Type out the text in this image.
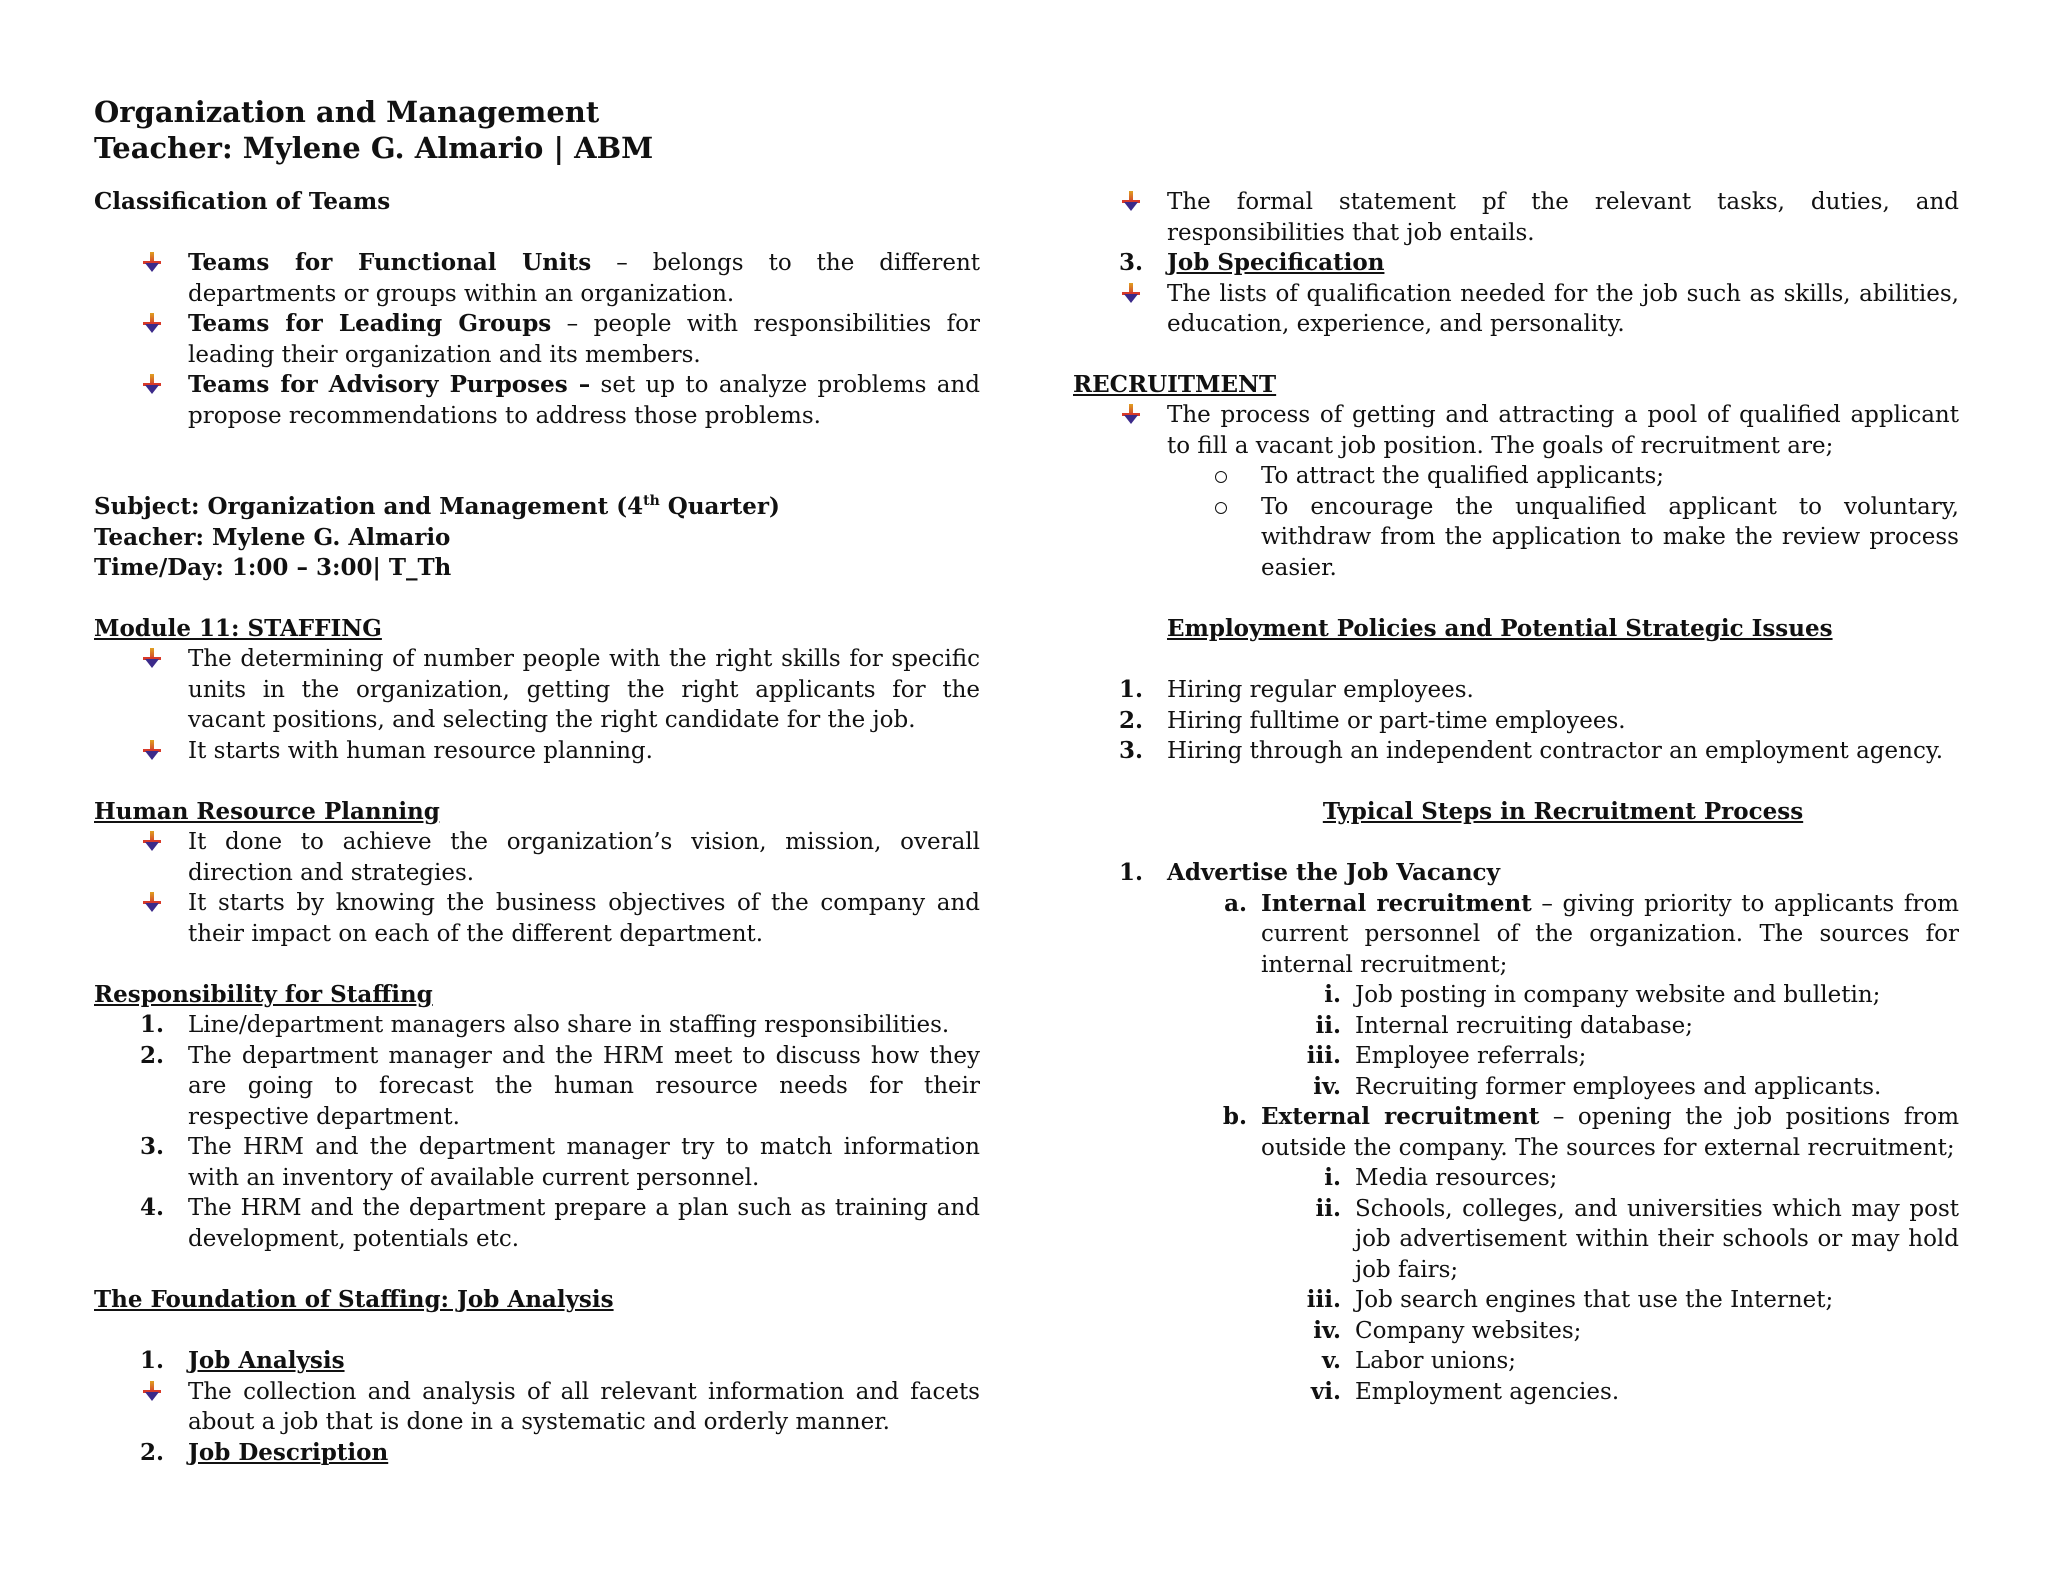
Organization and Management
Teacher: Mylene G. Almario | ABM
Classification of Teams
Teams for Functional Units – belongs to the different departments or groups within an organization.
Teams for Leading Groups – people with responsibilities for leading their organization and its members.
Teams for Advisory Purposes – set up to analyze problems and propose recommendations to address those problems.
Subject: Organization and Management (4th Quarter)
Teacher: Mylene G. Almario
Time/Day: 1:00 – 3:00| T_Th
Module 11: STAFFING
The determining of number people with the right skills for specific units in the organization, getting the right applicants for the vacant positions, and selecting the right candidate for the job.
It starts with human resource planning.
Human Resource Planning
It done to achieve the organization’s vision, mission, overall direction and strategies.
It starts by knowing the business objectives of the company and their impact on each of the different department.
Responsibility for Staffing
1. Line/department managers also share in staffing responsibilities.
2. The department manager and the HRM meet to discuss how they are going to forecast the human resource needs for their respective department.
3. The HRM and the department manager try to match information with an inventory of available current personnel.
4. The HRM and the department prepare a plan such as training and development, potentials etc.
The Foundation of Staffing: Job Analysis
1. Job Analysis
The collection and analysis of all relevant information and facets about a job that is done in a systematic and orderly manner.
2. Job Description
The formal statement pf the relevant tasks, duties, and responsibilities that job entails.
3. Job Specification
The lists of qualification needed for the job such as skills, abilities, education, experience, and personality.
RECRUITMENT
The process of getting and attracting a pool of qualified applicant to fill a vacant job position. The goals of recruitment are;
To attract the qualified applicants;
To encourage the unqualified applicant to voluntary, withdraw from the application to make the review process easier.
Employment Policies and Potential Strategic Issues
1. Hiring regular employees.
2. Hiring fulltime or part-time employees.
3. Hiring through an independent contractor an employment agency.
Typical Steps in Recruitment Process
1. Advertise the Job Vacancy
a. Internal recruitment – giving priority to applicants from current personnel of the organization. The sources for internal recruitment;
i. Job posting in company website and bulletin;
ii. Internal recruiting database;
iii. Employee referrals;
iv. Recruiting former employees and applicants.
b. External recruitment – opening the job positions from outside the company. The sources for external recruitment;
i. Media resources;
ii. Schools, colleges, and universities which may post job advertisement within their schools or may hold job fairs;
iii. Job search engines that use the Internet;
iv. Company websites;
v. Labor unions;
vi. Employment agencies.
